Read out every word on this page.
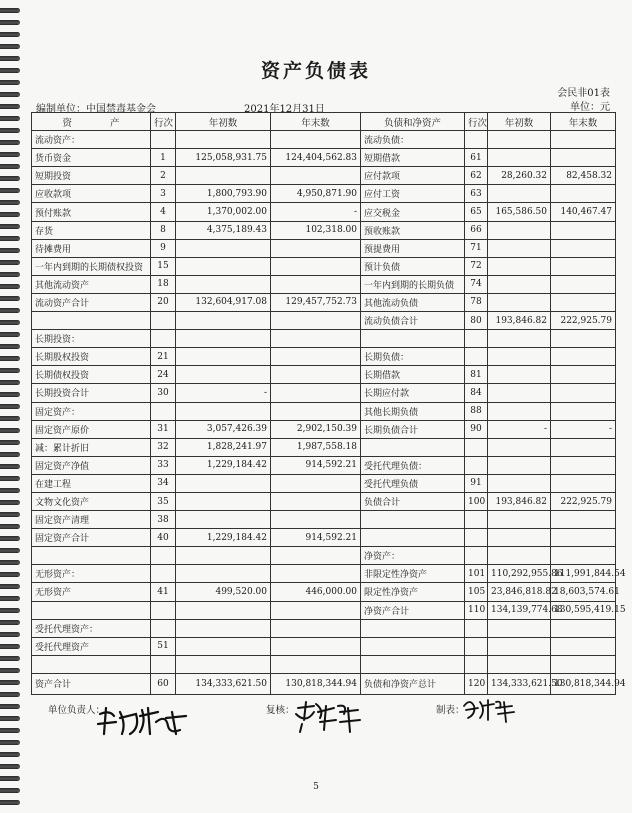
资产负债表
会民非01表
编制单位：中国禁毒基金会	2021年12月31日	单位：元
资　　　　产	行次	年初数	年末数	负债和净资产	行次	年初数	年末数
流动资产：				流动负债：			
货币资金	1	125,058,931.75	124,404,562.83	短期借款	61		
短期投资	2			应付款项	62	28,260.32	82,458.32
应收款项	3	1,800,793.90	4,950,871.90	应付工资	63		
预付账款	4	1,370,002.00	-	应交税金	65	165,586.50	140,467.47
存货	8	4,375,189.43	102,318.00	预收账款	66		
待摊费用	9			预提费用	71		
一年内到期的长期债权投资	15			预计负债	72		
其他流动资产	18			一年内到期的长期负债	74		
流动资产合计	20	132,604,917.08	129,457,752.73	其他流动负债	78		
				流动负债合计	80	193,846.82	222,925.79
长期投资：							
长期股权投资	21			长期负债：			
长期债权投资	24			长期借款	81		
长期投资合计	30	-		长期应付款	84		
固定资产：				其他长期负债	88		
固定资产原价	31	3,057,426.39	2,902,150.39	长期负债合计	90	-	-
减：累计折旧	32	1,828,241.97	1,987,558.18				
固定资产净值	33	1,229,184.42	914,592.21	受托代理负债：			
在建工程	34			受托代理负债	91		
文物文化资产	35			负债合计	100	193,846.82	222,925.79
固定资产清理	38						
固定资产合计	40	1,229,184.42	914,592.21				
				净资产：			
无形资产：				非限定性净资产	101	110,292,955.86	111,991,844.54
无形资产	41	499,520.00	446,000.00	限定性净资产	105	23,846,818.82	18,603,574.61
				净资产合计	110	134,139,774.68	130,595,419.15
受托代理资产：							
受托代理资产	51						

资产合计	60	134,333,621.50	130,818,344.94	负债和净资产总计	120	134,333,621.50	130,818,344.94
单位负责人：	复核：	制表：
5
